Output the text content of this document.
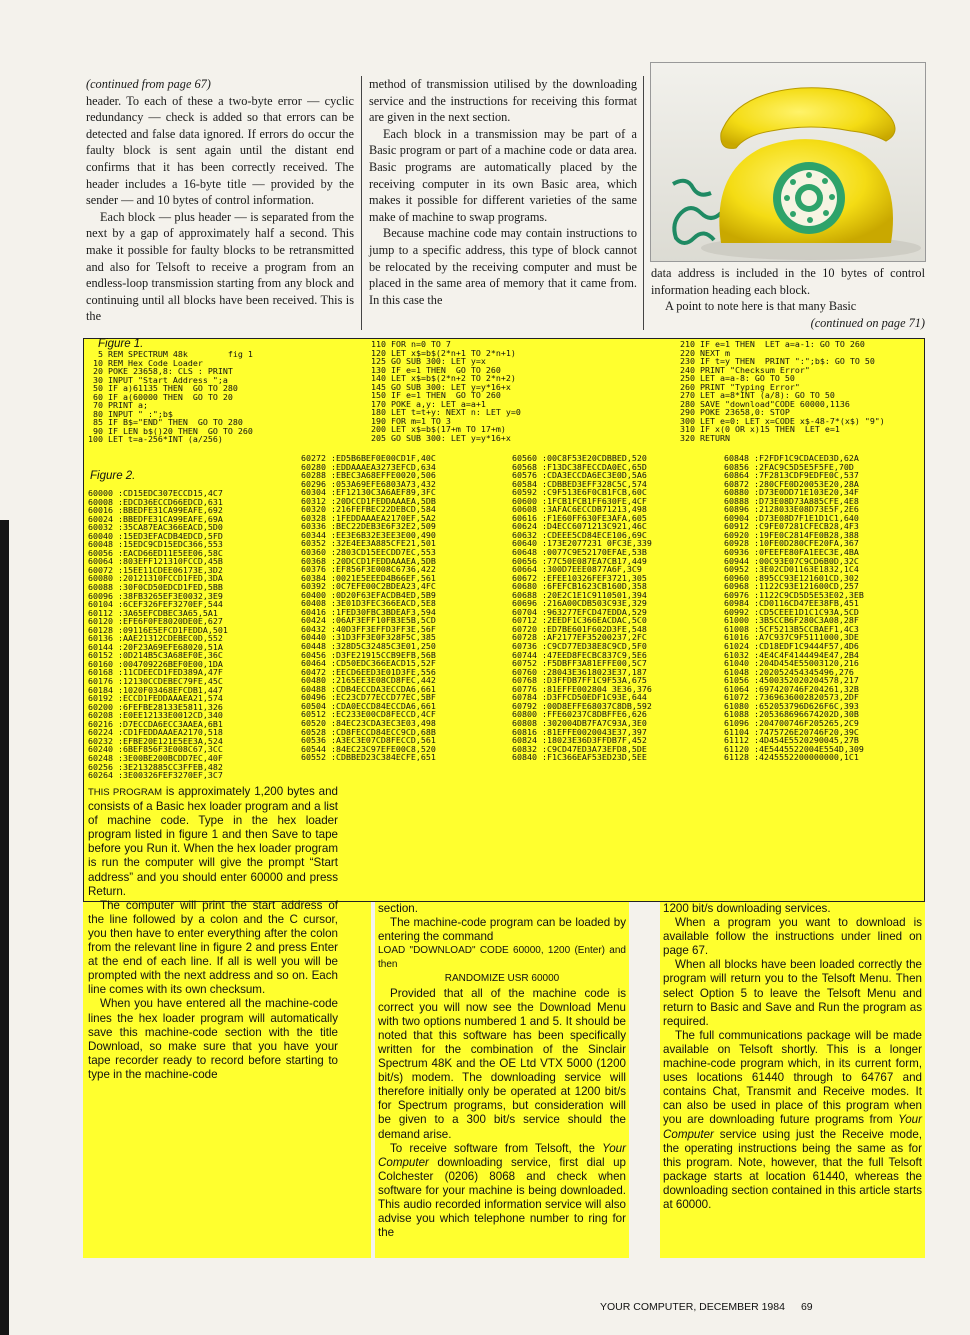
(continued from page 67)

header. To each of these a two-byte error — cyclic redundancy — check is added so that errors can be detected and false data ignored. If errors do occur the faulty block is sent again until the distant end confirms that it has been correctly received. The header includes a 16-byte title — provided by the sender — and 10 bytes of control information.

Each block — plus header — is separated from the next by a gap of approximately half a second. This make it possible for faulty blocks to be retransmitted and also for Telsoft to receive a program from an endless-loop transmission starting from any block and continuing until all blocks have been received. This is the

method of transmission utilised by the downloading service and the instructions for receiving this format are given in the next section.

Each block in a transmission may be part of a Basic program or part of a machine code or data area. Basic programs are automatically placed by the receiving computer in its own Basic area, which makes it possible for different varieties of the same make of machine to swap programs.

Because machine code may contain instructions to jump to a specific address, this type of block cannot be relocated by the receiving computer and must be placed in the same area of memory that it came from. In this case the

data address is included in the 10 bytes of control information heading each block.

A point to note here is that many Basic

(continued on page 71)

Figure 1.
5 REM SPECTRUM 48k        fig 1
10 REM Hex Code Loader
20 POKE 23658,8: CLS : PRINT
30 INPUT "Start Address ";a
50 IF a)61135 THEN  GO TO 280
60 IF a(60000 THEN  GO TO 20
70 PRINT a;
80 INPUT " :";b$
85 IF B$="END" THEN  GO TO 280
90 IF LEN b$()20 THEN  GO TO 260
100 LET t=a-256*INT (a/256)
110 FOR n=0 TO 7
120 LET x$=b$(2*n+1 TO 2*n+1)
125 GO SUB 300: LET y=x
130 IF e=1 THEN  GO TO 260
140 LET x$=b$(2*n+2 TO 2*n+2)
145 GO SUB 300: LET y=y*16+x
150 IF e=1 THEN  GO TO 260
170 POKE a,y: LET a=a+1
180 LET t=t+y: NEXT n: LET y=0
190 FOR m=1 TO 3
200 LET x$=b$(17+m TO 17+m)
205 GO SUB 300: LET y=y*16+x
210 IF e=1 THEN  LET a=a-1: GO TO 260
220 NEXT m
230 IF t=y THEN  PRINT ":";b$: GO TO 50
240 PRINT "Checksum Error"
250 LET a=a-8: GO TO 50
260 PRINT "Typing Error"
270 LET a=8*INT (a/8): GO TO 50
280 SAVE "download"CODE 60000,1136
290 POKE 23658,0: STOP
300 LET e=0: LET x=CODE x$-48-7*(x$) "9")
310 IF x(0 OR x)15 THEN  LET e=1
320 RETURN
Figure 2.
60000 :CD15EDC307ECCD15,4C7
60008 :EDCD36ECCD66EDCD,631
60016 :BBEDFE31CA99EAFE,692
60024 :BBEDFE31CA99EAFE,69A
60032 :35CA87EAC366EACD,5D0
60040 :15ED3EFACDB4EDCD,5FD
60048 :15EDC9CD15EDC366,553
60056 :EACD66ED11E5EE06,58C
60064 :803EFF121310FCCD,45B
60072 :15EE11CDEE06173E,3D2
60080 :20121310FCCD1FED,3DA
60088 :30F0CD50EDCD1FED,5BB
60096 :38FB3265EF3E0032,3E9
60104 :6CEF326FEF3270EF,544
60112 :3A65EFCDBEC3A65,5A1
60120 :EFE6F0FE8020DE0E,627
60128 :09116E5EFCD1FEDDA,501
60136 :AAE21312CDEBEC0D,552
60144 :20F23A69EFE68020,51A
60152 :0D214B5C3A68EF0E,36C
60160 :004709226BEF0E00,1DA
60168 :11CDEECD1FED389A,47F
60176 :12130CCDEBEC79FE,45C
60184 :1020F03468EFCDB1,447
60192 :ECCD1FEDDAAAEA21,574
60200 :6FEFBE28133E5811,326
60208 :E0EE12133E0012CD,340
60216 :D7ECCDA6ECC3AAEA,6B1
60224 :CD1FEDDAAAEA2170,518
60232 :EFBE20E121E5EE3A,524
60240 :6BEF856F3E008C67,3CC
60248 :3E00BE200BCDD7EC,40F
60256 :3E2132885CC3FFEB,482
60264 :3E00326FEF3270EF,3C7
60272 :ED5B6BEF0E00CD1F,40C
60280 :EDDAAAEA3273EFCD,634
60288 :EBEC3A68EFFE0020,506
60296 :053A69EFE6803A73,432
60304 :EF12130C3A6AEF89,3FC
60312 :20DCCD1FEDDAAAEA,5DB
60320 :216FEFBEC22DEBCD,584
60328 :1FEDDAAAEA2170EF,5A2
60336 :BEC22DEB3E6F32E2,509
60344 :EE3E6B32E3EE3E00,490
60352 :32E4EE3A885CFE21,501
60360 :2803CD15EECDD7EC,553
60368 :20DCCD1FEDDAAAEA,5DB
60376 :EF856F3E008C6736,422
60384 :0021E5EEED4B66EF,561
60392 :0C7EFE00C2BDEA23,4FC
60400 :0D20F63EFACDB4ED,5B9
60408 :3E01D3FEC366EACD,5E8
60416 :1FED30FBC3BDEAF3,594
60424 :06AF3EFF10FB3E5B,5CD
60432 :40D3FF3EFFD3FF3E,56F
60440 :31D3FF3E0F328F5C,385
60448 :328D5C32485C3E01,250
60456 :D3FE21915CCB9EFB,56B
60464 :CD50EDC366EACD15,52F
60472 :EECD6EED3E01D3FE,556
60480 :2165EE3E08CD8FEC,442
60488 :CDB4ECCDA3ECCDA6,661
60496 :EC23CD77ECCD77EC,5BF
60504 :CDA0ECCD84ECCDA6,661
60512 :EC233E00CD8FECCD,4CF
60520 :84EC23CDA3EC3E03,498
60528 :CD8FECCD84ECC9CD,68B
60536 :A3EC3E07CD8FECCD,561
60544 :84EC23C97EFE00C8,520
60552 :CDBBED23C384ECFE,651
60560 :00C8F53E20CDBBED,520
60568 :F13DC38FECCDA0EC,65D
60576 :CDA3ECCDA6EC3E0D,5A6
60584 :CDBBED3EFF328C5C,574
60592 :C9F513E6F0CB1FCB,60C
60600 :1FCB1FCB1FF630FE,4CF
60608 :3AFAC6ECCDB71213,498
60616 :F1E60FF630FE3AFA,605
60624 :D4ECC6071213C921,46C
60632 :CDEEE5CD84ECE106,69C
60640 :173E2077231 0FC3E,339
60648 :0077C9E52170EFAE,53B
60656 :77C50E087EA7CB17,449
60664 :300D7EEE0877A6F,3C9
60672 :EFEE10326FEF3721,305
60680 :6FEFCB1623CB160D,358
60688 :20E2C1E1C9110501,394
60696 :216A00CDB503C93E,329
60704 :963277EFCD47EDDA,529
60712 :2EEDF1C366EACDAC,5C0
60720 :ED7BE601F602D3FE,548
60728 :AF2177EF35200237,2FC
60736 :C9CD77ED38E8C9CD,5F0
60744 :47EED8FECBC837C9,5E6
60752 :F5DBFF3A81EFFE00,5C7
60760 :28043E3618023E37,187
60768 :D3FFDB7FF1C9F53A,675
60776 :81EFFE002804 3E36,376
60784 :D3FFCD50EDF1C93E,644
60792 :00D8EFFE68037C8DB,592
60800 :FFE60237C8DBFFE6,626
60808 :302004DB7FA7C93A,3E0
60816 :81EFFE0020043E37,397
60824 :18023E36D3FFDB7F,452
60832 :C9CD47ED3A73EFD8,5DE
60840 :F1C366EAF53ED23D,5EE
60848 :F2FDF1C9CDACED3D,62A
60856 :2FAC9C5D5E5F5FE,70D
60864 :7F2813CDF9EDFE0C,537
60872 :280CFE0D20053E20,28A
60880 :D73E0DD71E103E20,34F
60888 :D73E08D73A885CFE,4E8
60896 :2128033E08D73E5F,2E6
60904 :D73E08D7F1E1D1C1,640
60912 :C9FE07281CFECB28,4F3
60920 :19FE0C2814FE0B28,388
60928 :10FE0D280CFE20FA,367
60936 :0FEEFE80FA1EEC3E,4BA
60944 :00C93E07C9CD6B0D,32C
60952 :3E02CD01163E1832,1C4
60960 :895CC93E121601CD,302
60968 :1122C93E121600CD,257
60976 :1122C9CD5D5E53E02,3EB
60984 :CD0116CD47EE38FB,451
60992 :CD5CEEE1D1C1C93A,5CD
61000 :3B5CCB6F280C3A08,28F
61008 :5CF5213B5CCBAEF1,4C3
61016 :A7C937C9F5111000,3DE
61024 :CD18EDF1C9444F57,4D6
61032 :4E4C4F4144494E47,2B4
61040 :204D454E55003120,216
61048 :202052454345496,276
61056 :4500352020204578,217
61064 :697420746F204261,32B
61072 :7369636002820573,2DF
61080 :652053796D626F6C,393
61088 :205368696674202D,30B
61096 :204700746F205265,2C9
61104 :7475726E20746F20,39C
61112 :4D454E5520290045,27B
61120 :4E5445522004E554D,309
61128 :4245552200000000,1C1

THIS PROGRAM is approximately 1,200 bytes and consists of a Basic hex loader program and a list of machine code. Type in the hex loader program listed in figure 1 and then Save to tape before you Run it. When the hex loader program is run the computer will give the prompt “Start address” and you should enter 60000 and press Return.

The computer will print the start address of the line followed by a colon and the C cursor, you then have to enter everything after the colon from the relevant line in figure 2 and press Enter at the end of each line. If all is well you will be prompted with the next address and so on. Each line comes with its own checksum.

When you have entered all the machine-code lines the hex loader program will automatically save this machine-code section with the title Download, so make sure that you have your tape recorder ready to record before starting to type in the machine-code

section.

The machine-code program can be loaded by entering the command

LOAD "DOWNLOAD" CODE 60000, 1200 (Enter) and then

RANDOMIZE USR 60000

Provided that all of the machine code is correct you will now see the Download Menu with two options numbered 1 and 5. It should be noted that this software has been specifically written for the combination of the Sinclair Spectrum 48K and the OE Ltd VTX 5000 (1200 bit/s) modem. The downloading service will therefore initially only be operated at 1200 bit/s for Spectrum programs, but consideration will be given to a 300 bit/s service should the demand arise.

To receive software from Telsoft, the Your Computer downloading service, first dial up Colchester (0206) 8068 and check when software for your machine is being downloaded. This audio recorded information service will also advise you which telephone number to ring for the

1200 bit/s downloading services.

When a program you want to download is available follow the instructions under lined on page 67.

When all blocks have been loaded correctly the program will return you to the Telsoft Menu. Then select Option 5 to leave the Telsoft Menu and return to Basic and Save and Run the program as required.

The full communications package will be made available on Telsoft shortly. This is a longer machine-code program which, in its current form, uses locations 61440 through to 64767 and contains Chat, Transmit and Receive modes. It can also be used in place of this program when you are downloading future programs from Your Computer service using just the Receive mode, the operating instructions being the same as for this program. Note, however, that the full Telsoft package starts at location 61440, whereas the downloading section contained in this article starts at 60000.

YOUR COMPUTER, DECEMBER 1984 69
